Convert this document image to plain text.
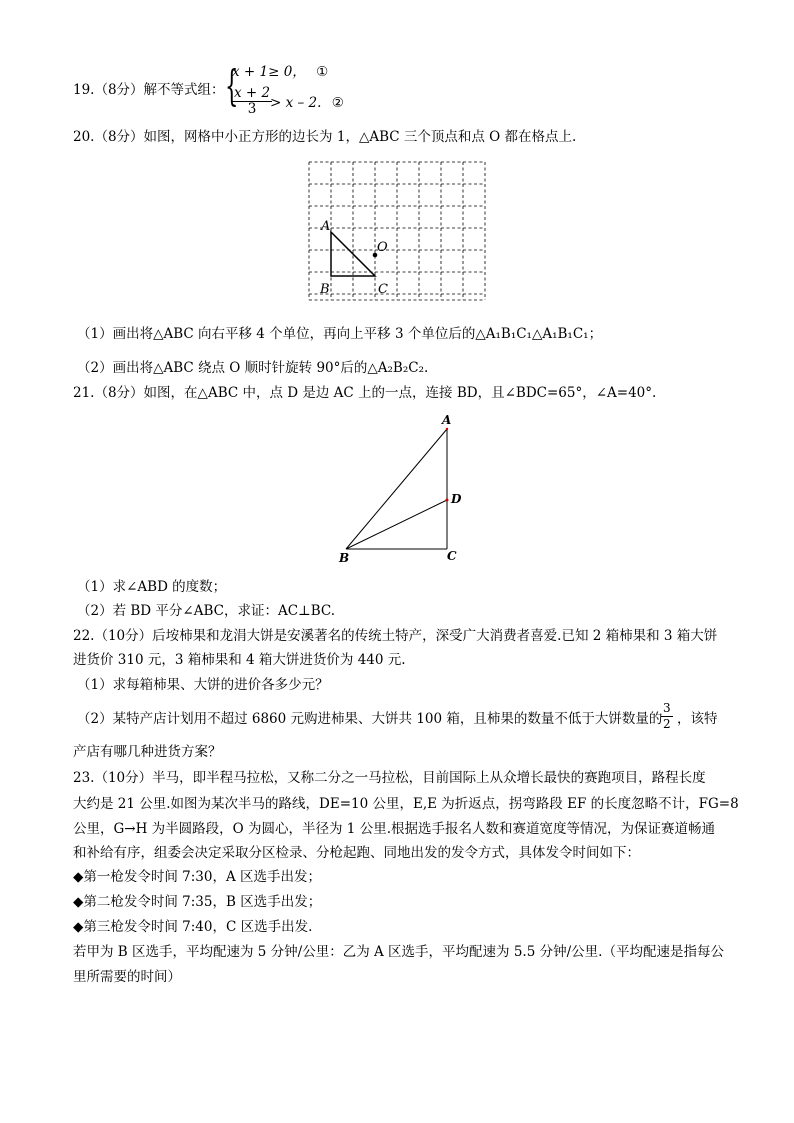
19.（8分）解不等式组： {
x + 1≥ 0， ①
$\frac{x + 2}{3}$
> x – 2. ②
20.（8分）如图，网格中小正方形的边长为 1，△ABC 三个顶点和点 O 都在格点上.
A
B	C
O
（1）画出将△ABC 向右平移 4 个单位，再向上平移 3 个单位后的△A₁B₁C₁△A₁B₁C₁；
（2）画出将△ABC 绕点 O 顺时针旋转 90°后的△A₂B₂C₂.
21.（8分）如图，在△ABC 中，点 D 是边 AC 上的一点，连接 BD，且∠BDC=65°，∠A=40°.
A
B	C
D
（1）求∠ABD 的度数；
（2）若 BD 平分∠ABC，求证：AC⊥BC.
22.（10分）后垵柿果和龙涓大饼是安溪著名的传统土特产，深受广大消费者喜爱.已知 2 箱柿果和 3 箱大饼
进货价 310 元，3 箱柿果和 4 箱大饼进货价为 440 元.
（1）求每箱柿果、大饼的进价各多少元？
（2）某特产店计划用不超过 6860 元购进柿果、大饼共 100 箱，且柿果的数量不低于大饼数量的
$\frac{3}{2}$ ，该特
产店有哪几种进货方案？
23.（10分）半马，即半程马拉松，又称二分之一马拉松，目前国际上从众增长最快的赛跑项目，路程长度
大约是 21 公里.如图为某次半马的路线，DE=10 公里，E,E 为折返点，拐弯路段 EF 的长度忽略不计，FG=8
公里，G→H 为半圆路段，O 为圆心，半径为 1 公里.根据选手报名人数和赛道宽度等情况，为保证赛道畅通
和补给有序，组委会决定采取分区检录、分枪起跑、同地出发的发令方式，具体发令时间如下：
◆第一枪发令时间 7:30，A 区选手出发；
◆第二枪发令时间 7:35，B 区选手出发；
◆第三枪发令时间 7:40，C 区选手出发.
若甲为 B 区选手，平均配速为 5 分钟/公里：乙为 A 区选手，平均配速为 5.5 分钟/公里.（平均配速是指每公
里所需要的时间）
